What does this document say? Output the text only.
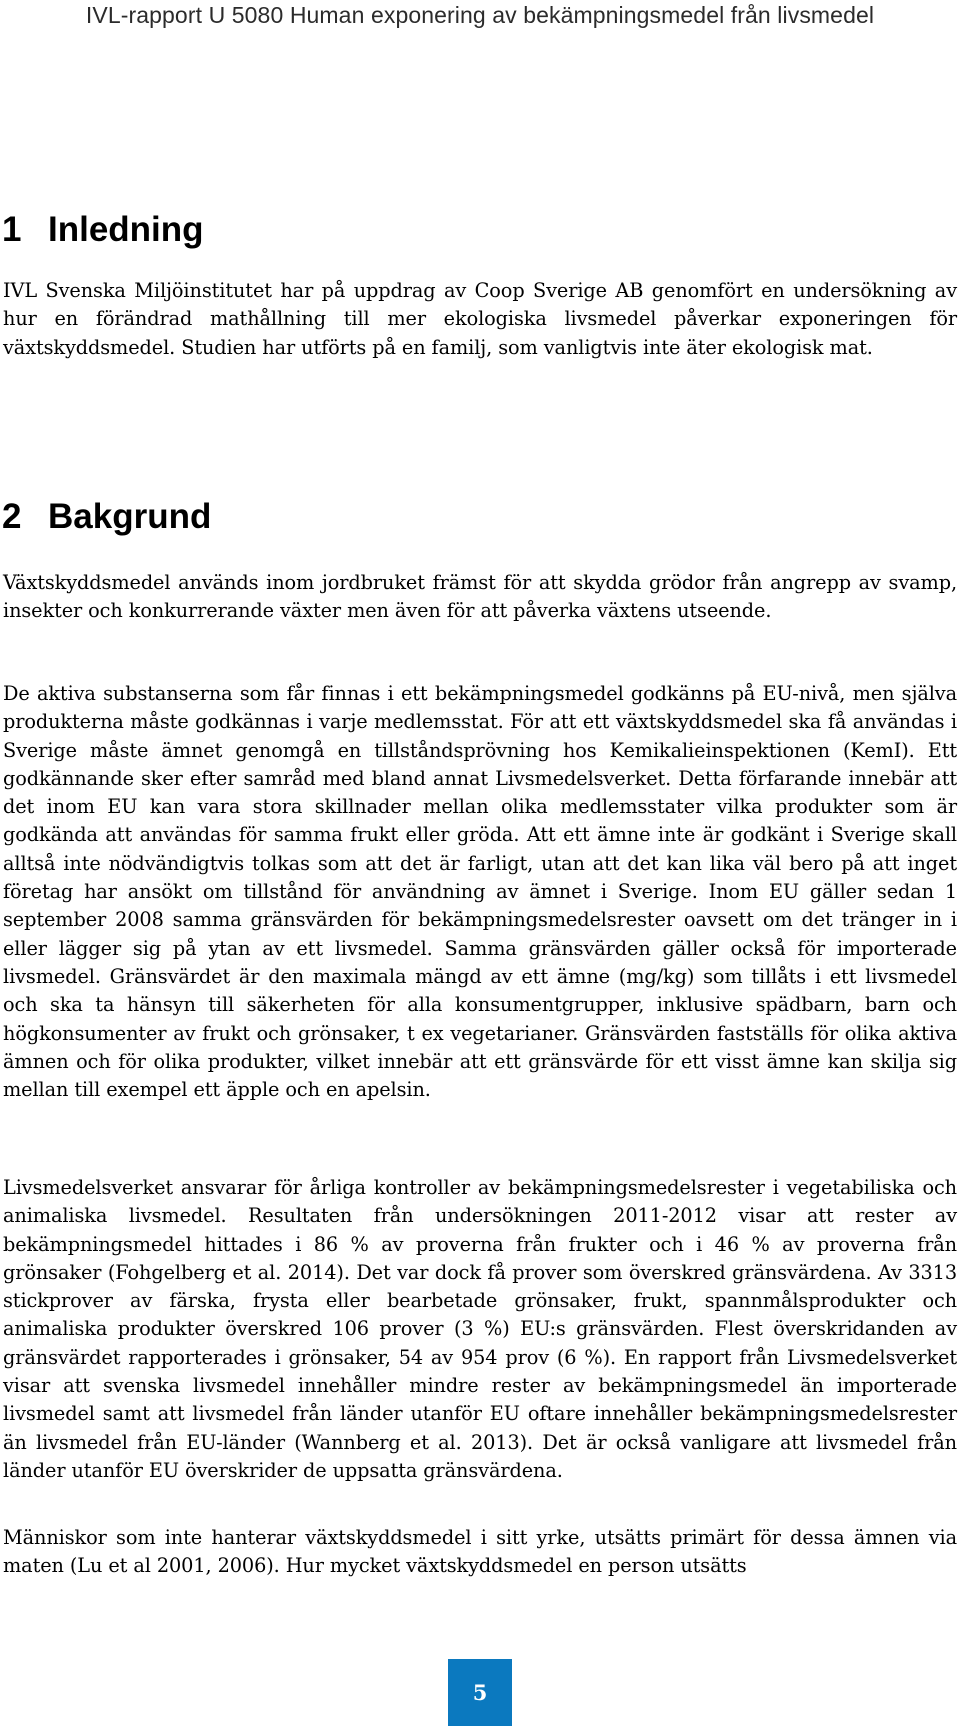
IVL-rapport U 5080 Human exponering av bekämpningsmedel från livsmedel
1 Inledning

IVL Svenska Miljöinstitutet har på uppdrag av Coop Sverige AB genomfört en undersökning av hur en förändrad mathållning till mer ekologiska livsmedel påverkar exponeringen för växtskyddsmedel. Studien har utförts på en familj, som vanligtvis inte äter ekologisk mat.

2 Bakgrund

Växtskyddsmedel används inom jordbruket främst för att skydda grödor från angrepp av svamp, insekter och konkurrerande växter men även för att påverka växtens utseende.

De aktiva substanserna som får finnas i ett bekämpningsmedel godkänns på EU-nivå, men själva produkterna måste godkännas i varje medlemsstat. För att ett växtskyddsmedel ska få användas i Sverige måste ämnet genomgå en tillståndsprövning hos Kemikalieinspektionen (KemI). Ett godkännande sker efter samråd med bland annat Livsmedelsverket. Detta förfarande innebär att det inom EU kan vara stora skillnader mellan olika medlemsstater vilka produkter som är godkända att användas för samma frukt eller gröda. Att ett ämne inte är godkänt i Sverige skall alltså inte nödvändigtvis tolkas som att det är farligt, utan att det kan lika väl bero på att inget företag har ansökt om tillstånd för användning av ämnet i Sverige. Inom EU gäller sedan 1 september 2008 samma gränsvärden för bekämpningsmedelsrester oavsett om det tränger in i eller lägger sig på ytan av ett livsmedel. Samma gränsvärden gäller också för importerade livsmedel. Gränsvärdet är den maximala mängd av ett ämne (mg/kg) som tillåts i ett livsmedel och ska ta hänsyn till säkerheten för alla konsumentgrupper, inklusive spädbarn, barn och högkonsumenter av frukt och grönsaker, t ex vegetarianer. Gränsvärden fastställs för olika aktiva ämnen och för olika produkter, vilket innebär att ett gränsvärde för ett visst ämne kan skilja sig mellan till exempel ett äpple och en apelsin.

Livsmedelsverket ansvarar för årliga kontroller av bekämpningsmedelsrester i vegetabiliska och animaliska livsmedel. Resultaten från undersökningen 2011-2012 visar att rester av bekämpningsmedel hittades i 86 % av proverna från frukter och i 46 % av proverna från grönsaker (Fohgelberg et al. 2014). Det var dock få prover som överskred gränsvärdena. Av 3313 stickprover av färska, frysta eller bearbetade grönsaker, frukt, spannmålsprodukter och animaliska produkter överskred 106 prover (3 %) EU:s gränsvärden. Flest överskridanden av gränsvärdet rapporterades i grönsaker, 54 av 954 prov (6 %). En rapport från Livsmedelsverket visar att svenska livsmedel innehåller mindre rester av bekämpningsmedel än importerade livsmedel samt att livsmedel från länder utanför EU oftare innehåller bekämpningsmedelsrester än livsmedel från EU-länder (Wannberg et al. 2013). Det är också vanligare att livsmedel från länder utanför EU överskrider de uppsatta gränsvärdena.

Människor som inte hanterar växtskyddsmedel i sitt yrke, utsätts primärt för dessa ämnen via maten (Lu et al 2001, 2006). Hur mycket växtskyddsmedel en person utsätts

5
